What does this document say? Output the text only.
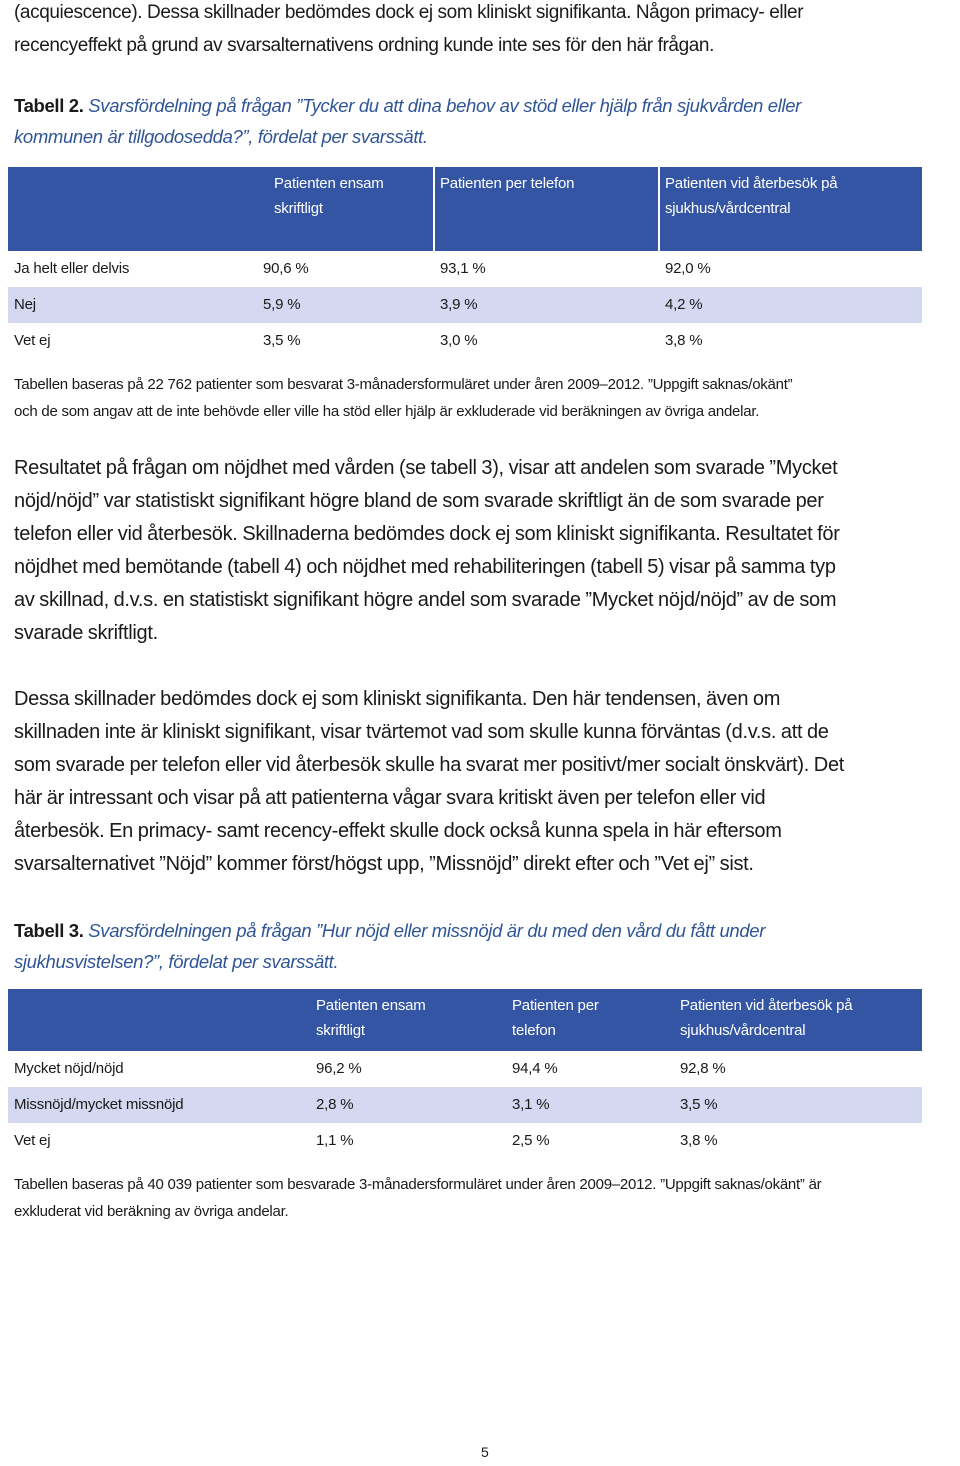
(acquiescence). Dessa skillnader bedömdes dock ej som kliniskt signifikanta. Någon primacy- eller
recencyeffekt på grund av svarsalternativens ordning kunde inte ses för den här frågan.
Tabell 2. Svarsfördelning på frågan ”Tycker du att dina behov av stöd eller hjälp från sjukvården eller
kommunen är tillgodosedda?”, fördelat per svarssätt.

	Patienten ensam skriftligt	Patienten per telefon	Patienten vid återbesök på sjukhus/vårdcentral

Ja helt eller delvis	90,6 %	93,1 %	92,0 %
Nej	5,9 %	3,9 %	4,2 %
Vet ej	3,5 %	3,0 %	3,8 %
Tabellen baseras på 22 762 patienter som besvarat 3-månadersformuläret under åren 2009–2012. ”Uppgift saknas/okänt”
och de som angav att de inte behövde eller ville ha stöd eller hjälp är exkluderade vid beräkningen av övriga andelar.
Resultatet på frågan om nöjdhet med vården (se tabell 3), visar att andelen som svarade ”Mycket
nöjd/nöjd” var statistiskt signifikant högre bland de som svarade skriftligt än de som svarade per
telefon eller vid återbesök. Skillnaderna bedömdes dock ej som kliniskt signifikanta. Resultatet för
nöjdhet med bemötande (tabell 4) och nöjdhet med rehabiliteringen (tabell 5) visar på samma typ
av skillnad, d.v.s. en statistiskt signifikant högre andel som svarade ”Mycket nöjd/nöjd” av de som
svarade skriftligt.
Dessa skillnader bedömdes dock ej som kliniskt signifikanta. Den här tendensen, även om
skillnaden inte är kliniskt signifikant, visar tvärtemot vad som skulle kunna förväntas (d.v.s. att de
som svarade per telefon eller vid återbesök skulle ha svarat mer positivt/mer socialt önskvärt). Det
här är intressant och visar på att patienterna vågar svara kritiskt även per telefon eller vid
återbesök. En primacy- samt recency-effekt skulle dock också kunna spela in här eftersom
svarsalternativet ”Nöjd” kommer först/högst upp, ”Missnöjd” direkt efter och ”Vet ej” sist.
Tabell 3. Svarsfördelningen på frågan ”Hur nöjd eller missnöjd är du med den vård du fått under
sjukhusvistelsen?”, fördelat per svarssätt.

	Patienten ensam skriftligt	Patienten per telefon	Patienten vid återbesök på sjukhus/vårdcentral

Mycket nöjd/nöjd	96,2 %	94,4 %	92,8 %
Missnöjd/mycket missnöjd	2,8 %	3,1 %	3,5 %
Vet ej	1,1 %	2,5 %	3,8 %
Tabellen baseras på 40 039 patienter som besvarade 3-månadersformuläret under åren 2009–2012. ”Uppgift saknas/okänt” är
exkluderat vid beräkning av övriga andelar.
5
